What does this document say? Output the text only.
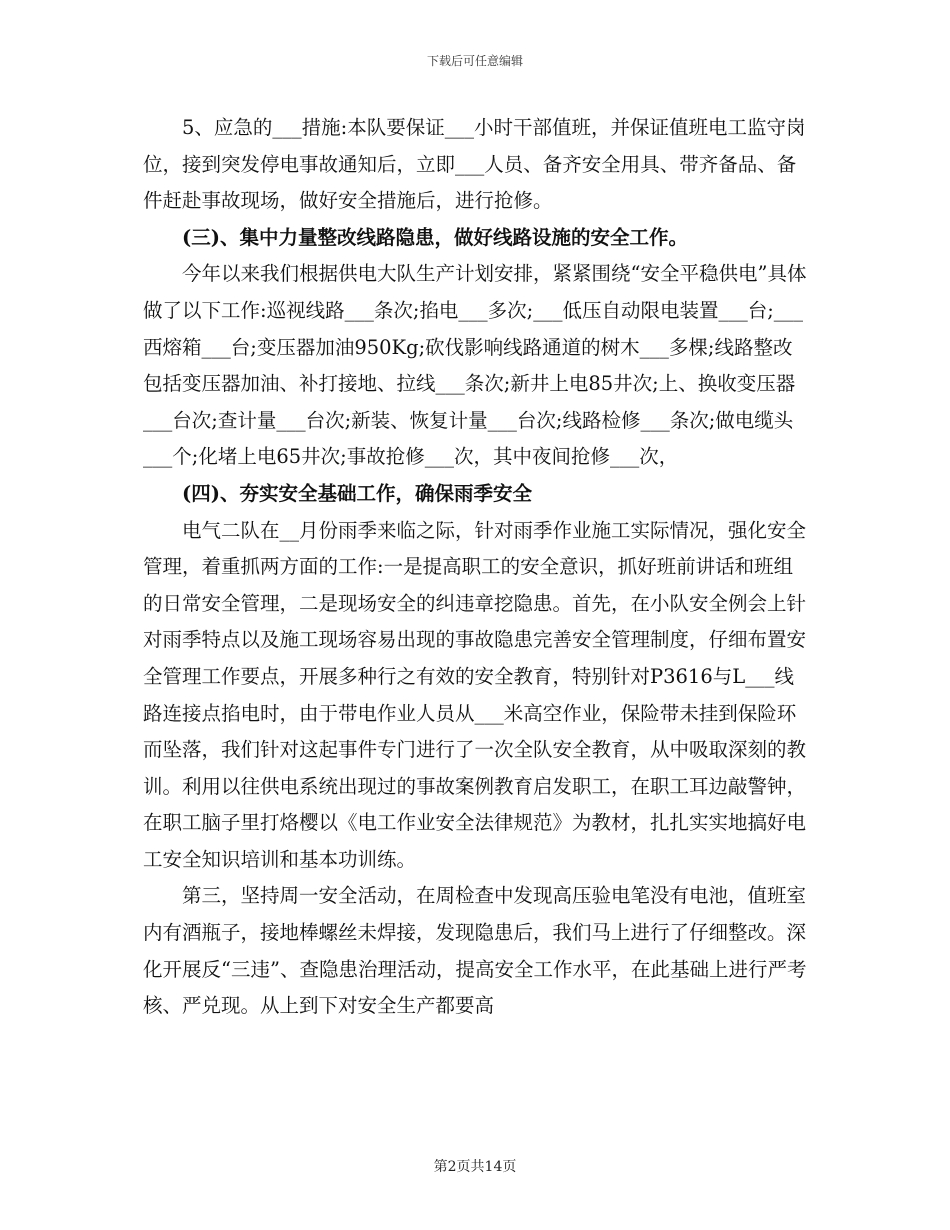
下载后可任意编辑

5、应急的___措施:本队要保证___小时干部值班，并保证值班电工监守岗位，接到突发停电事故通知后，立即___人员、备齐安全用具、带齐备品、备件赶赴事故现场，做好安全措施后，进行抢修。

(三)、集中力量整改线路隐患，做好线路设施的安全工作。

今年以来我们根据供电大队生产计划安排，紧紧围绕“安全平稳供电”具体做了以下工作:巡视线路___条次;掐电___多次;___低压自动限电装置___台;___西熔箱___台;变压器加油950Kg;砍伐影响线路通道的树木___多棵;线路整改包括变压器加油、补打接地、拉线___条次;新井上电85井次;上、换收变压器___台次;查计量___台次;新装、恢复计量___台次;线路检修___条次;做电缆头___个;化堵上电65井次;事故抢修___次，其中夜间抢修___次，

(四)、夯实安全基础工作，确保雨季安全

电气二队在__月份雨季来临之际，针对雨季作业施工实际情况，强化安全管理，着重抓两方面的工作:一是提高职工的安全意识，抓好班前讲话和班组的日常安全管理，二是现场安全的纠违章挖隐患。首先，在小队安全例会上针对雨季特点以及施工现场容易出现的事故隐患完善安全管理制度，仔细布置安全管理工作要点，开展多种行之有效的安全教育，特别针对P3616与L___线路连接点掐电时，由于带电作业人员从___米高空作业，保险带未挂到保险环而坠落，我们针对这起事件专门进行了一次全队安全教育，从中吸取深刻的教训。利用以往供电系统出现过的事故案例教育启发职工，在职工耳边敲警钟，在职工脑子里打烙樱以《电工作业安全法律规范》为教材，扎扎实实地搞好电工安全知识培训和基本功训练。

第三，坚持周一安全活动，在周检查中发现高压验电笔没有电池，值班室内有酒瓶子，接地棒螺丝未焊接，发现隐患后，我们马上进行了仔细整改。深化开展反“三违”、查隐患治理活动，提高安全工作水平，在此基础上进行严考核、严兑现。从上到下对安全生产都要高

第2页共14页
